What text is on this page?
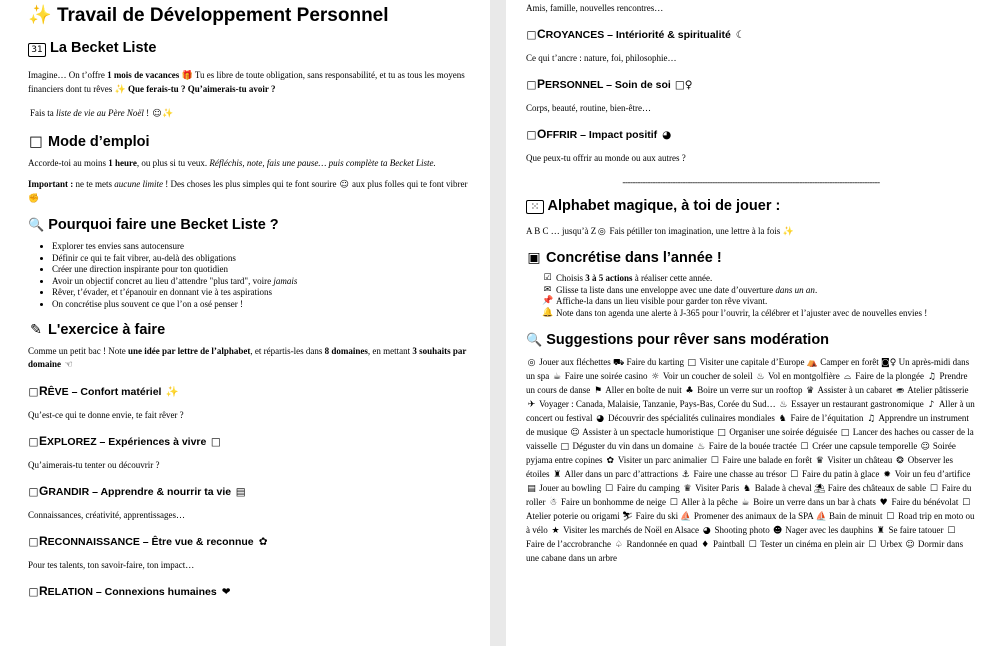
✨ Travail de Développement Personnel
31 La Becket Liste
Imagine… On t’offre 1 mois de vacances 🎁 Tu es libre de toute obligation, sans responsabilité, et tu as tous les moyens financiers dont tu rêves ✨ Que ferais-tu ? Qu’aimerais-tu avoir ?
Fais ta liste de vie au Père Noël ! ☺✨
□ Mode d’emploi
Accorde-toi au moins 1 heure, ou plus si tu veux. Réfléchis, note, fais une pause… puis complète ta Becket Liste.
Important : ne te mets aucune limite ! Des choses les plus simples qui te font sourire ☺ aux plus folles qui te font vibrer ✊
🔍 Pourquoi faire une Becket Liste ?
• Explorer tes envies sans autocensure
• Définir ce qui te fait vibrer, au-delà des obligations
• Créer une direction inspirante pour ton quotidien
• Avoir un objectif concret au lieu d’attendre "plus tard", voire jamais
• Rêver, t’évader, et t’épanouir en donnant vie à tes aspirations
• On concrétise plus souvent ce que l’on a osé penser !
✎ L'exercice à faire
Comme un petit bac ! Note une idée par lettre de l’alphabet, et répartis-les dans 8 domaines, en mettant 3 souhaits par domaine ☜
□RÊVE – Confort matériel ✨
Qu’est-ce qui te donne envie, te fait rêver ?
□EXPLOREZ – Expériences à vivre □
Qu’aimerais-tu tenter ou découvrir ?
□GRANDIR – Apprendre & nourrir ta vie ▤
Connaissances, créativité, apprentissages…
□RECONNAISSANCE – Être vue & reconnue ✿
Pour tes talents, ton savoir-faire, ton impact…
□RELATION – Connexions humaines ❤
Amis, famille, nouvelles rencontres…
□CROYANCES – Intériorité & spiritualité ☾
Ce qui t’ancre : nature, foi, philosophie…
□PERSONNEL – Soin de soi □♀
Corps, beauté, routine, bien-être…
□OFFRIR – Impact positif ◕
Que peux-tu offrir au monde ou aux autres ?
-------------------------------------------------------------------------------------------------------
⁙ Alphabet magique, à toi de jouer :
A B C … jusqu’à Z ◎ Fais pétiller ton imagination, une lettre à la fois ✨
▣ Concrétise dans l’année !
☑ Choisis 3 à 5 actions à réaliser cette année.
✉ Glisse ta liste dans une enveloppe avec une date d’ouverture dans un an.
📌 Affiche-la dans un lieu visible pour garder ton rêve vivant.
🔔 Note dans ton agenda une alerte à J-365 pour l’ouvrir, la célébrer et l’ajuster avec de nouvelles envies !
🔍 Suggestions pour rêver sans modération
◎ Jouer aux fléchettes ⛟ Faire du karting □ Visiter une capitale d’Europe ⛺ Camper en forêt ◙♀ Un après-midi dans un spa ☕ Faire une soirée casino ☼ Voir un coucher de soleil ♨ Vol en montgolfière ⌓ Faire de la plongée ♫ Prendre un cours de danse ⚑ Aller en boîte de nuit ♣ Boire un verre sur un rooftop ♛ Assister à un cabaret ⛂ Atelier pâtisserie ✈ Voyager : Canada, Malaisie, Tanzanie, Pays-Bas, Corée du Sud… ♨ Essayer un restaurant gastronomique ♪ Aller à un concert ou festival ◕ Découvrir des spécialités culinaires mondiales ♞ Faire de l’équitation ♫ Apprendre un instrument de musique ☺ Assister à un spectacle humoristique □ Organiser une soirée déguisée □ Lancer des haches ou casser de la vaisselle □ Déguster du vin dans un domaine ♨ Faire de la bouée tractée ☐ Créer une capsule temporelle ☺ Soirée pyjama entre copines ✿ Visiter un parc animalier ☐ Faire une balade en forêt ♛ Visiter un château ❂ Observer les étoiles ♜ Aller dans un parc d’attractions ⚓ Faire une chasse au trésor ☐ Faire du patin à glace ✹ Voir un feu d’artifice ▤ Jouer au bowling ☐ Faire du camping ♛ Visiter Paris ♞ Balade à cheval ⛱ Faire des châteaux de sable ☐ Faire du roller ☃ Faire un bonhomme de neige ☐ Aller à la pêche ☕ Boire un verre dans un bar à chats ♥ Faire du bénévolat ☐ Atelier poterie ou origami ⛷ Faire du ski ⛵ Promener des animaux de la SPA ⛵ Bain de minuit ☐ Road trip en moto ou à vélo ★ Visiter les marchés de Noël en Alsace ◕ Shooting photo ☻ Nager avec les dauphins ♜ Se faire tatouer ☐ Faire de l’accrobranche ♤ Randonnée en quad ♦ Paintball ☐ Tester un cinéma en plein air ☐ Urbex ☺ Dormir dans une cabane dans un arbre
